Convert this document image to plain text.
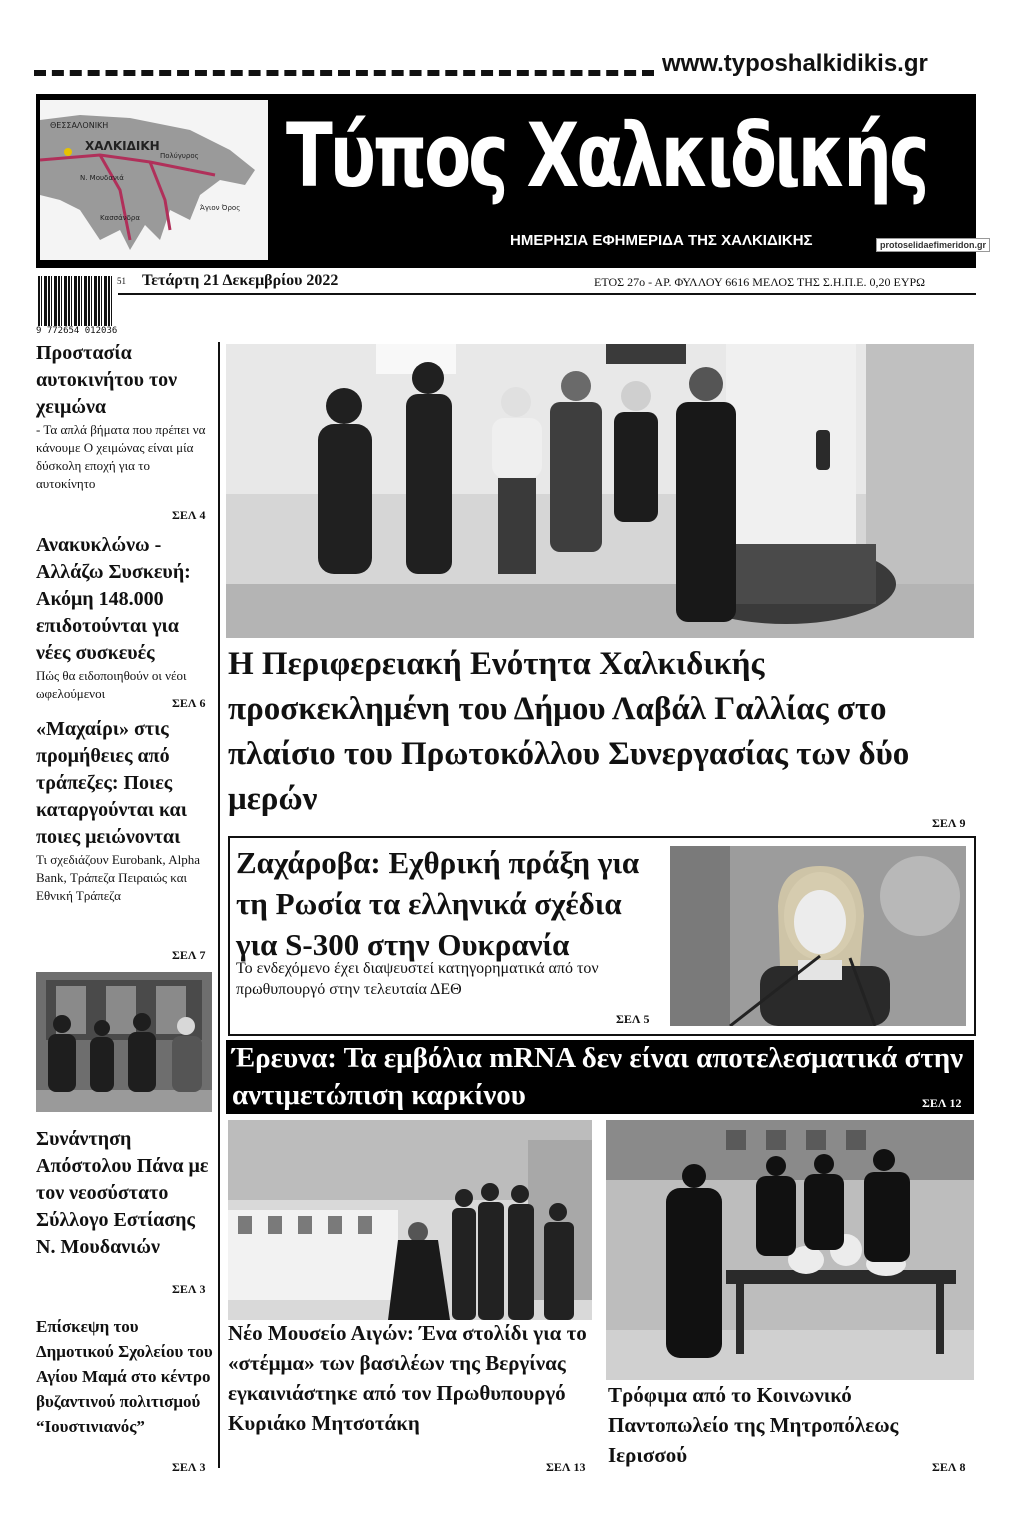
www.typoshalkidikis.gr
ΘΕΣΣΑΛΟΝΙΚΗ
ΧΑΛΚΙΔΙΚΗ
Πολύγυρος
Ν. Μουδανιά
Κασσάνδρα
Άγιον Όρος
Τύπος Χαλκιδικής
ΗΜΕΡΗΣΙΑ ΕΦΗΜΕΡΙΔΑ ΤΗΣ ΧΑΛΚΙΔΙΚΗΣ	protoselidaefimeridon.gr
9 772654 012036
51 Τετάρτη 21 Δεκεμβρίου 2022	ΕΤΟΣ 27ο - ΑΡ. ΦΥΛΛΟΥ 6616 ΜΕΛΟΣ ΤΗΣ Σ.Η.Π.Ε. 0,20 ΕΥΡΩ
Προστασία αυτοκινήτου τον χειμώνα
- Τα απλά βήματα που πρέπει να κάνουμε Ο χειμώνας είναι μία δύσκολη εποχή για το αυτοκίνητο
ΣΕΛ 4
Ανακυκλώνω - Αλλάζω Συσκευή: Ακόμη 148.000 επιδοτούνται για νέες συσκευές
Πώς θα ειδοποιηθούν οι νέοι ωφελούμενοι
ΣΕΛ 6
«Μαχαίρι» στις προμήθειες από τράπεζες: Ποιες καταργούνται και ποιες μειώνονται
Τι σχεδιάζουν Eurobank, Alpha Bank, Τράπεζα Πειραιώς και Εθνική Τράπεζα
ΣΕΛ 7
Συνάντηση Απόστολου Πάνα με τον νεοσύστατο Σύλλογο Εστίασης Ν. Μουδανιών
ΣΕΛ 3
Επίσκεψη του Δημοτικού Σχολείου του Αγίου Μαμά στο κέντρο βυζαντινού πολιτισμού “Ιουστινιανός”
ΣΕΛ 3
Η Περιφερειακή Ενότητα Χαλκιδικής προσκεκλημένη του Δήμου Λαβάλ Γαλλίας στο πλαίσιο του Πρωτοκόλλου Συνεργασίας των δύο μερών
ΣΕΛ 9
Ζαχάροβα: Εχθρική πράξη για τη Ρωσία τα ελληνικά σχέδια για S-300 στην Ουκρανία
Το ενδεχόμενο έχει διαψευστεί κατηγορηματικά από τον πρωθυπουργό στην τελευταία ΔΕΘ
ΣΕΛ 5
Έρευνα: Τα εμβόλια mRNA δεν είναι αποτελεσματικά στην αντιμετώπιση καρκίνου	ΣΕΛ 12
Νέο Μουσείο Αιγών: Ένα στολίδι για το «στέμμα» των βασιλέων της Βεργίνας εγκαινιάστηκε από τον Πρωθυπουργό Κυριάκο Μητσοτάκη
ΣΕΛ 13
Τρόφιμα από το Κοινωνικό Παντοπωλείο της Μητροπόλεως Ιερισσού	ΣΕΛ 8
